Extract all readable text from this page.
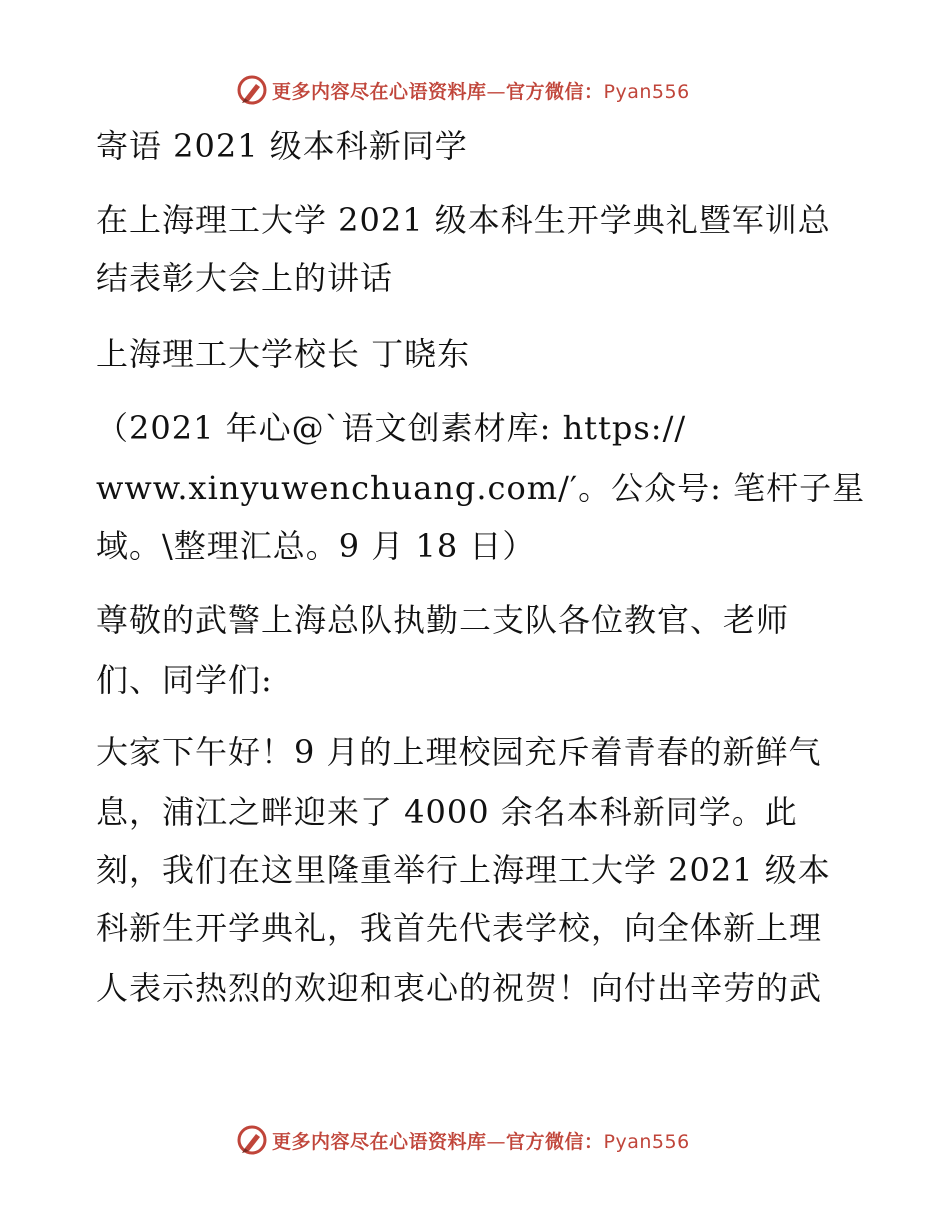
更多内容尽在心语资料库—官方微信：Pyan556
寄语 2021 级本科新同学
在上海理工大学 2021 级本科生开学典礼暨军训总
结表彰大会上的讲话
上海理工大学校长 丁晓东
（2021 年心@`语文创素材库: https://
www.xinyuwenchuang.com/′。公众号: 笔杆子星
域。\整理汇总。9 月 18 日）
尊敬的武警上海总队执勤二支队各位教官、老师
们、同学们:
大家下午好！9 月的上理校园充斥着青春的新鲜气
息，浦江之畔迎来了 4000 余名本科新同学。此
刻，我们在这里隆重举行上海理工大学 2021 级本
科新生开学典礼，我首先代表学校，向全体新上理
人表示热烈的欢迎和衷心的祝贺！向付出辛劳的武
更多内容尽在心语资料库—官方微信：Pyan556
